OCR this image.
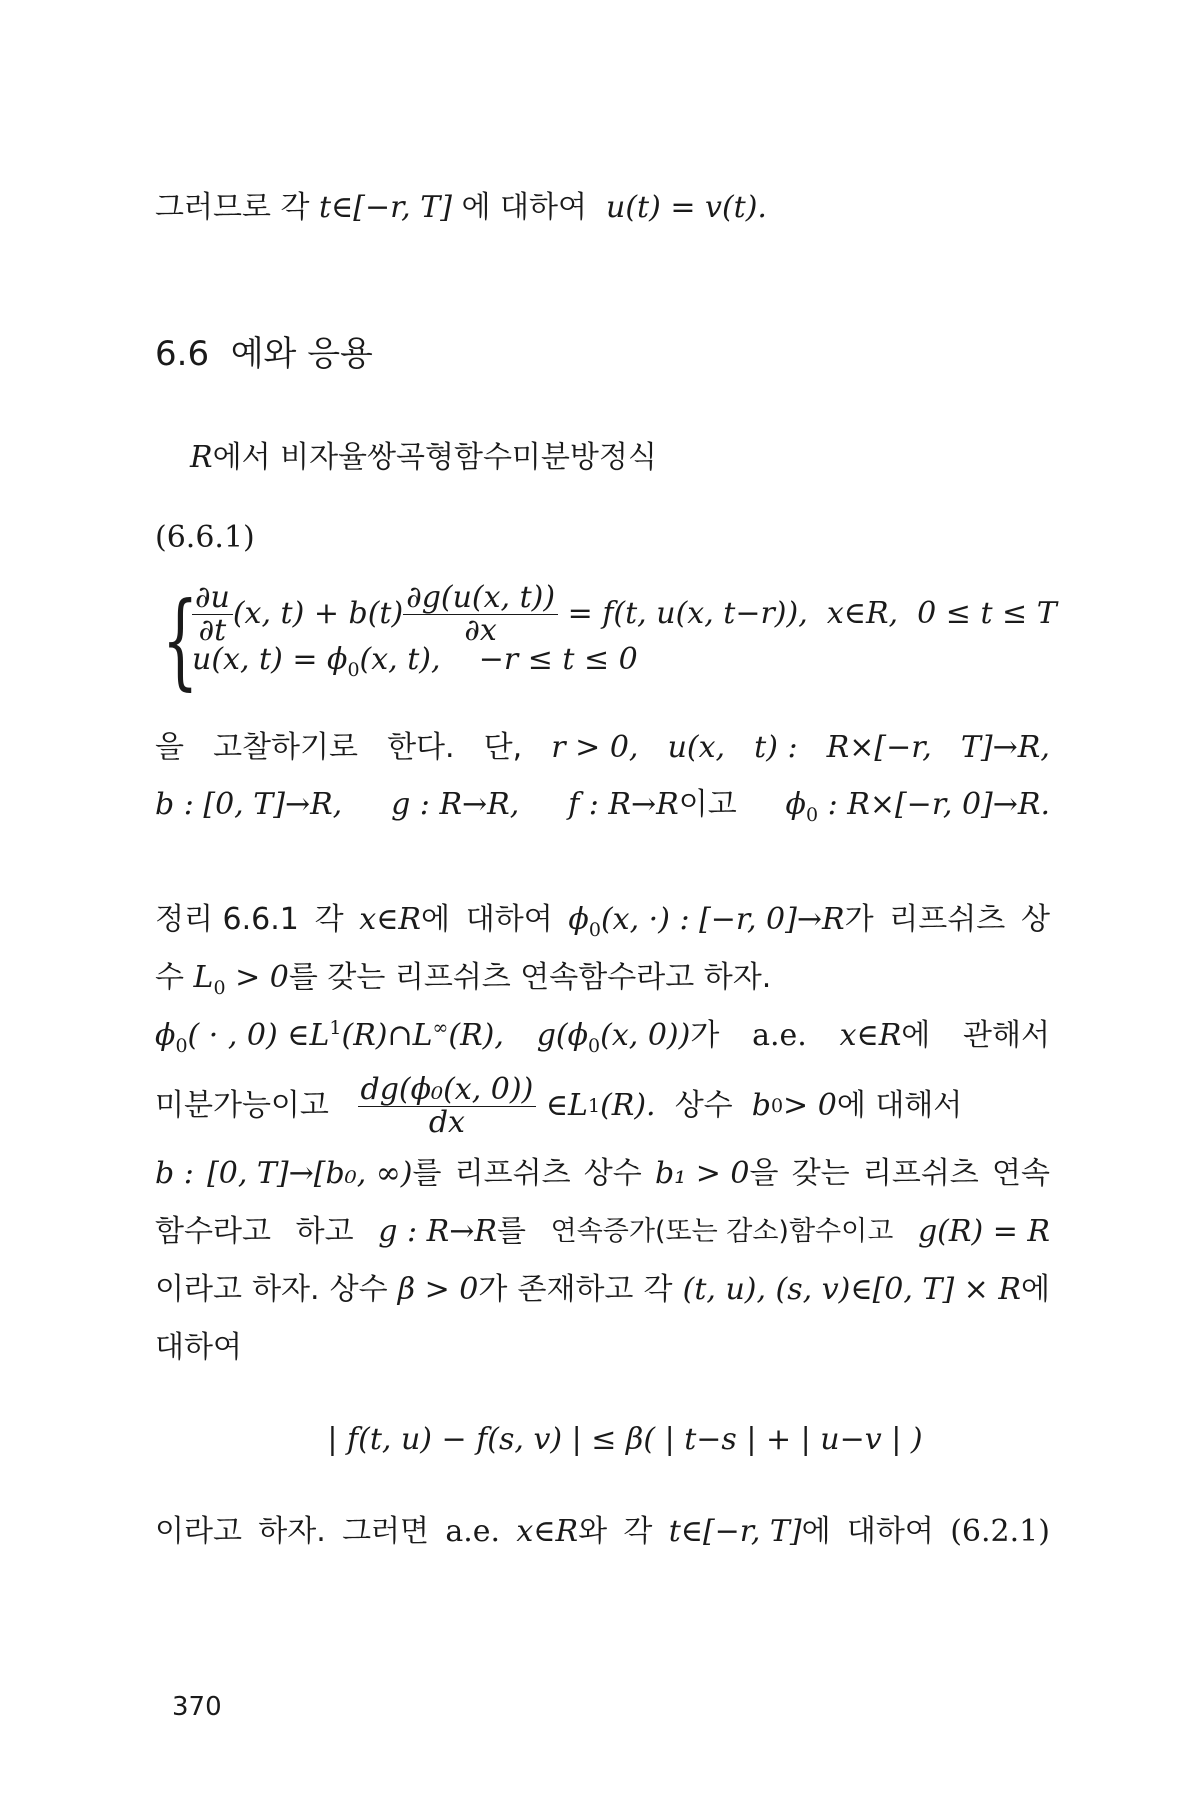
그러므로 각 t∈[−r, T] 에 대하여  u(t) = v(t).
6.6 예와 응용
R에서 비자율쌍곡형함수미분방정식
(6.6.1)
{
$\frac{\partial u}{\partial t} (x$, $t) + b(t) \frac{\partial g(u(x, t))}{\partial x}$
= f(t, u(x, t−r)),
x∈R,
0 ≤ t ≤ T
u(x, $t) = \phi_0(x$, t), −r ≤ t ≤ 0
을 고찰하기로 한다. 단, r > 0, u(x, t) : R×[−r, T]→R,
b : [0, T]→R, g : R→R, f : R→R이고 $\phi_0$ : R×[−r, 0]→R.
정리 6.6.1 각 x∈R에 대하여 $\phi_0(x$, ·) : [−r, 0]→R가 리프쉬츠 상
수 $L_0 > 0$를 갖는 리프쉬츠 연속함수라고 하자.
$\phi_0$( · , 0) $\in L^1(R)\cap L^\infty(R)$, $g(\phi_0(x$, 0))가 a.e. x∈R에 관해서
미분가능이고
$\frac{\text{dg(ϕ₀(x, 0))}}{dx}$
∈L 1 (R).
상수
b 0 > 0 에 대해서
b : [0, T]→[b₀, ∞)를 리프쉬츠 상수 b₁ > 0을 갖는 리프쉬츠 연속
함수라고 하고 g : R→R를 연속증가(또는 감소)함수이고 g(R) = R
이라고 하자. 상수 β > 0가 존재하고 각 (t, u), (s, v)∈[0, T] × R에
대하여
| f(t, u) − f(s, v) | ≤ β( | t−s | + | u−v | )
이라고 하자. 그러면 a.e. x∈R와 각 t∈[−r, T]에 대하여 (6.2.1)
370
